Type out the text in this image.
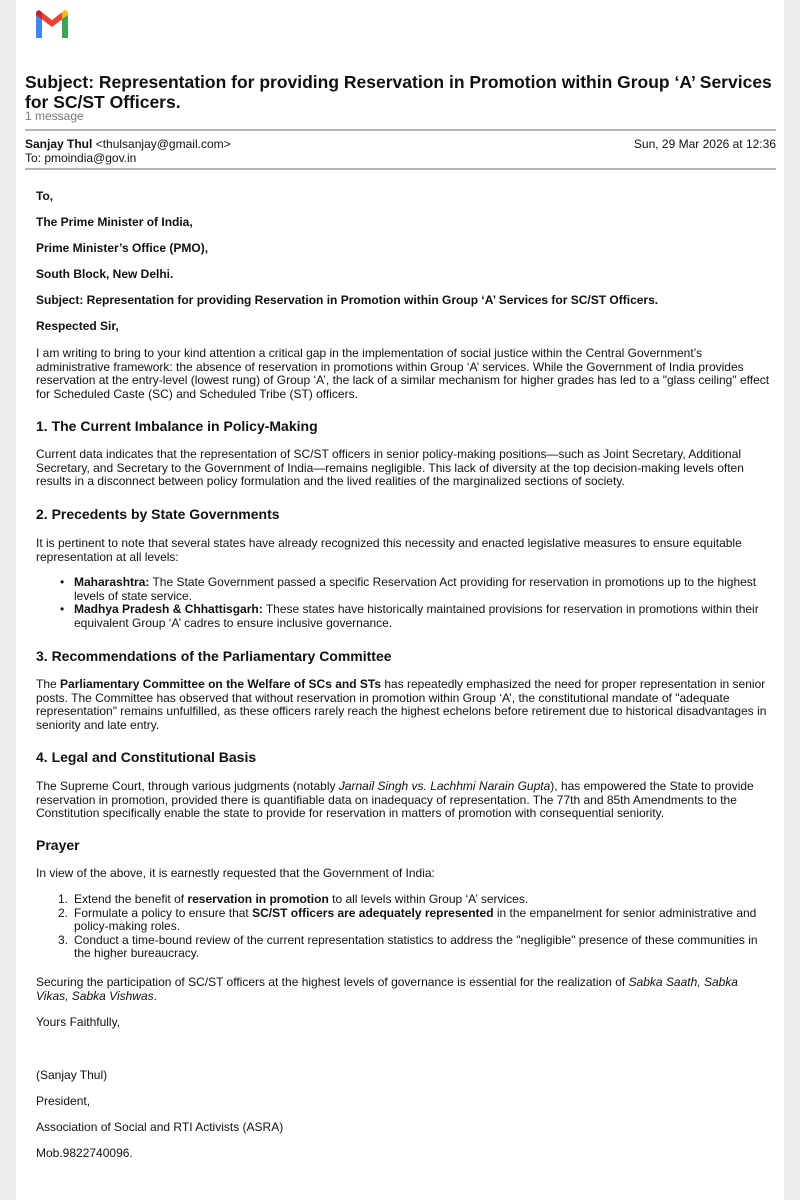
Subject: Representation for providing Reservation in Promotion within Group ‘A’ Services for SC/ST Officers.
1 message
Sanjay Thul <thulsanjay@gmail.com>	Sun, 29 Mar 2026 at 12:36
To: pmoindia@gov.in
To,
The Prime Minister of India,
Prime Minister’s Office (PMO),
South Block, New Delhi.
Subject: Representation for providing Reservation in Promotion within Group ‘A’ Services for SC/ST Officers.
Respected Sir,
I am writing to bring to your kind attention a critical gap in the implementation of social justice within the Central Government’s administrative framework: the absence of reservation in promotions within Group ‘A’ services. While the Government of India provides reservation at the entry-level (lowest rung) of Group ‘A’, the lack of a similar mechanism for higher grades has led to a "glass ceiling" effect for Scheduled Caste (SC) and Scheduled Tribe (ST) officers.
1. The Current Imbalance in Policy-Making
Current data indicates that the representation of SC/ST officers in senior policy-making positions—such as Joint Secretary, Additional Secretary, and Secretary to the Government of India—remains negligible. This lack of diversity at the top decision-making levels often results in a disconnect between policy formulation and the lived realities of the marginalized sections of society.
2. Precedents by State Governments
It is pertinent to note that several states have already recognized this necessity and enacted legislative measures to ensure equitable representation at all levels:
• Maharashtra: The State Government passed a specific Reservation Act providing for reservation in promotions up to the highest levels of state service.
• Madhya Pradesh & Chhattisgarh: These states have historically maintained provisions for reservation in promotions within their equivalent Group ‘A’ cadres to ensure inclusive governance.
3. Recommendations of the Parliamentary Committee
The Parliamentary Committee on the Welfare of SCs and STs has repeatedly emphasized the need for proper representation in senior posts. The Committee has observed that without reservation in promotion within Group ‘A’, the constitutional mandate of "adequate representation" remains unfulfilled, as these officers rarely reach the highest echelons before retirement due to historical disadvantages in seniority and late entry.
4. Legal and Constitutional Basis
The Supreme Court, through various judgments (notably Jarnail Singh vs. Lachhmi Narain Gupta), has empowered the State to provide reservation in promotion, provided there is quantifiable data on inadequacy of representation. The 77th and 85th Amendments to the Constitution specifically enable the state to provide for reservation in matters of promotion with consequential seniority.
Prayer
In view of the above, it is earnestly requested that the Government of India:
1. Extend the benefit of reservation in promotion to all levels within Group ‘A’ services.
2. Formulate a policy to ensure that SC/ST officers are adequately represented in the empanelment for senior administrative and policy-making roles.
3. Conduct a time-bound review of the current representation statistics to address the "negligible" presence of these communities in the higher bureaucracy.
Securing the participation of SC/ST officers at the highest levels of governance is essential for the realization of Sabka Saath, Sabka Vikas, Sabka Vishwas.
Yours Faithfully,
(Sanjay Thul)
President,
Association of Social and RTI Activists (ASRA)
Mob.9822740096.
